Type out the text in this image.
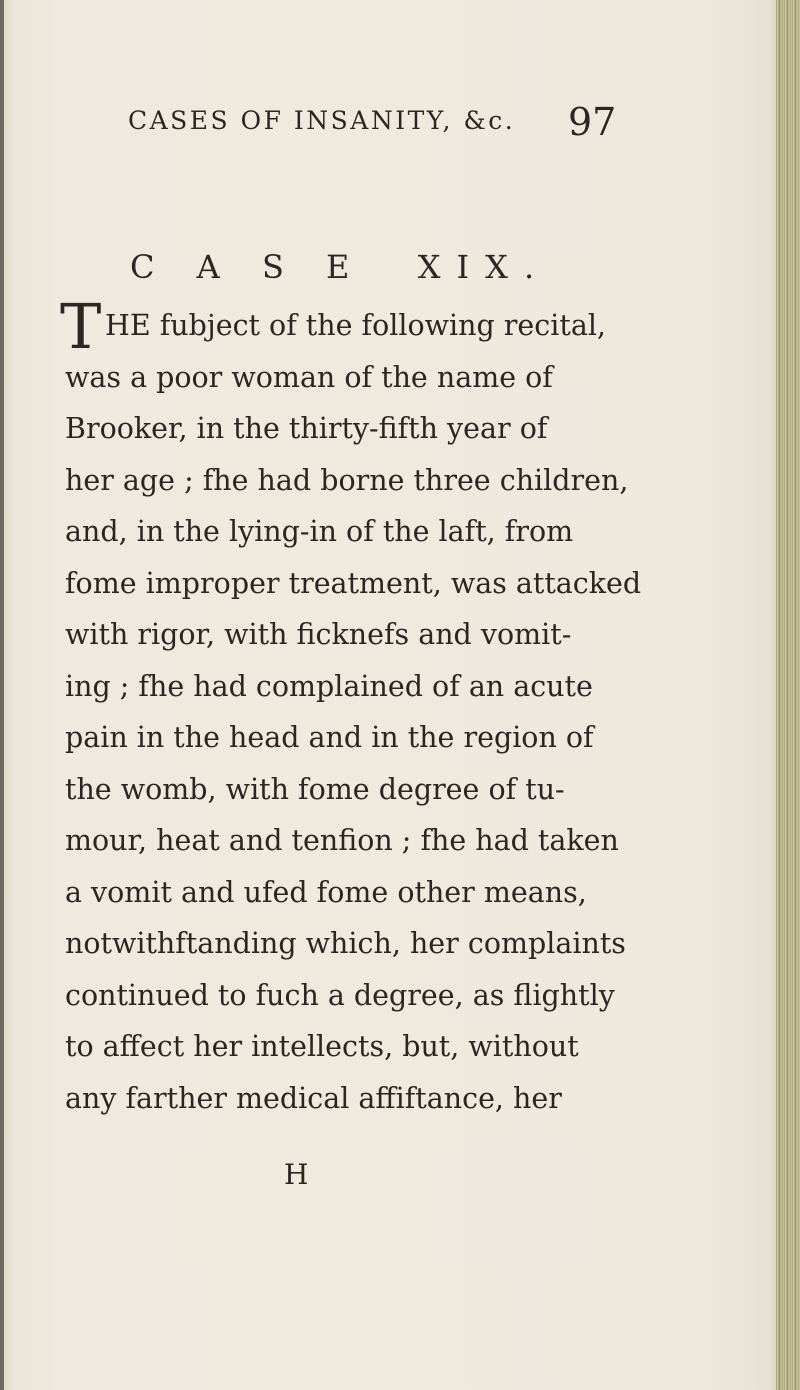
CASES OF INSANITY, &c. 97
C A S E  XIX.
T HE fubject of the following recital,
was a poor woman of the name of
Brooker, in the thirty-fifth year of
her age ; fhe had borne three children,
and, in the lying-in of the laft, from
fome improper treatment, was attacked
with rigor, with ficknefs and vomit-
ing ; fhe had complained of an acute
pain in the head and in the region of
the womb, with fome degree of tu-
mour, heat and tenfion ; fhe had taken
a vomit and ufed fome other means,
notwithftanding which, her complaints
continued to fuch a degree, as flightly
to affect her intellects, but, without
any farther medical affiftance, her
H
